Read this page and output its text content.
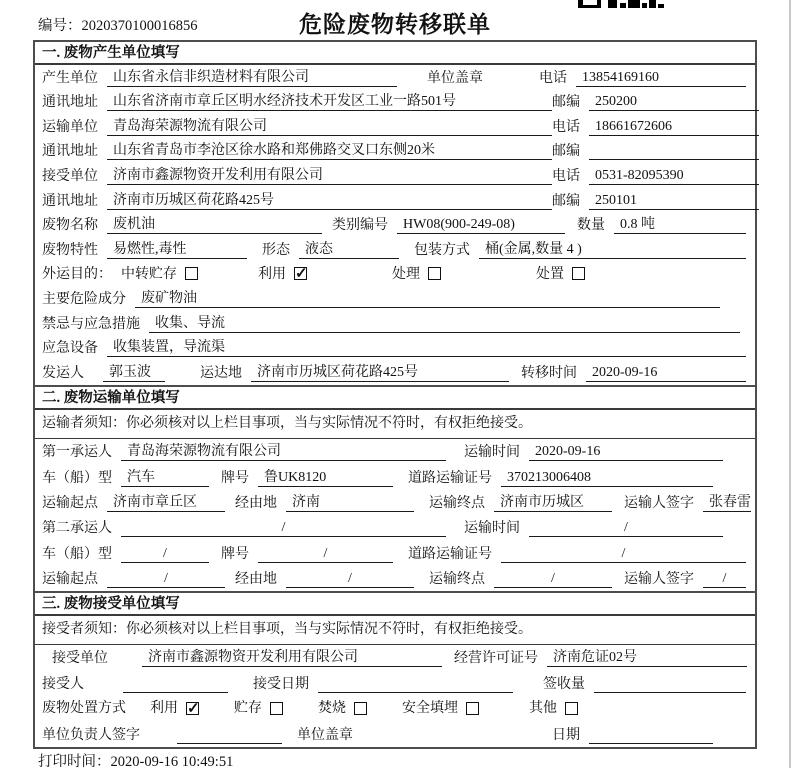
编号：2020370100016856	危险废物转移联单
一. 废物产生单位填写
产生单位	山东省永信非织造材料有限公司	单位盖章	电话	13854169160
通讯地址	山东省济南市章丘区明水经济技术开发区工业一路501号	邮编	250200
运输单位	青岛海荣源物流有限公司	电话	18661672606
通讯地址	山东省青岛市李沧区徐水路和郑佛路交叉口东侧20米	邮编
接受单位	济南市鑫源物资开发利用有限公司	电话	0531-82095390
通讯地址	济南市历城区荷花路425号	邮编	250101
废物名称	废机油	类别编号	HW08(900-249-08)	数量	0.8 吨
废物特性	易燃性,毒性	形态	液态	包装方式	桶(金属,数量 4 )
外运目的： 中转贮存	利用 ✓	处理	处置
主要危险成分	废矿物油
禁忌与应急措施	收集、导流
应急设备	收集装置，导流渠
发运人	郭玉波	运达地	济南市历城区荷花路425号	转移时间	2020-09-16
二. 废物运输单位填写
运输者须知：你必须核对以上栏目事项，当与实际情况不符时，有权拒绝接受。
第一承运人	青岛海荣源物流有限公司	运输时间	2020-09-16
车（船）型	汽车	牌号	鲁UK8120	道路运输证号	370213006408
运输起点	济南市章丘区	经由地	济南	运输终点	济南市历城区	运输人签字	张春雷
第二承运人	/	运输时间	/
车（船）型	/	牌号	/	道路运输证号	/
运输起点	/	经由地	/	运输终点	/	运输人签字	/
三. 废物接受单位填写
接受者须知：你必须核对以上栏目事项，当与实际情况不符时，有权拒绝接受。
接受单位	济南市鑫源物资开发利用有限公司	经营许可证号	济南危证02号
接受人	接受日期	签收量
废物处置方式	利用 ✓	贮存	焚烧	安全填埋	其他
单位负责人签字	单位盖章	日期
打印时间：2020-09-16 10:49:51
